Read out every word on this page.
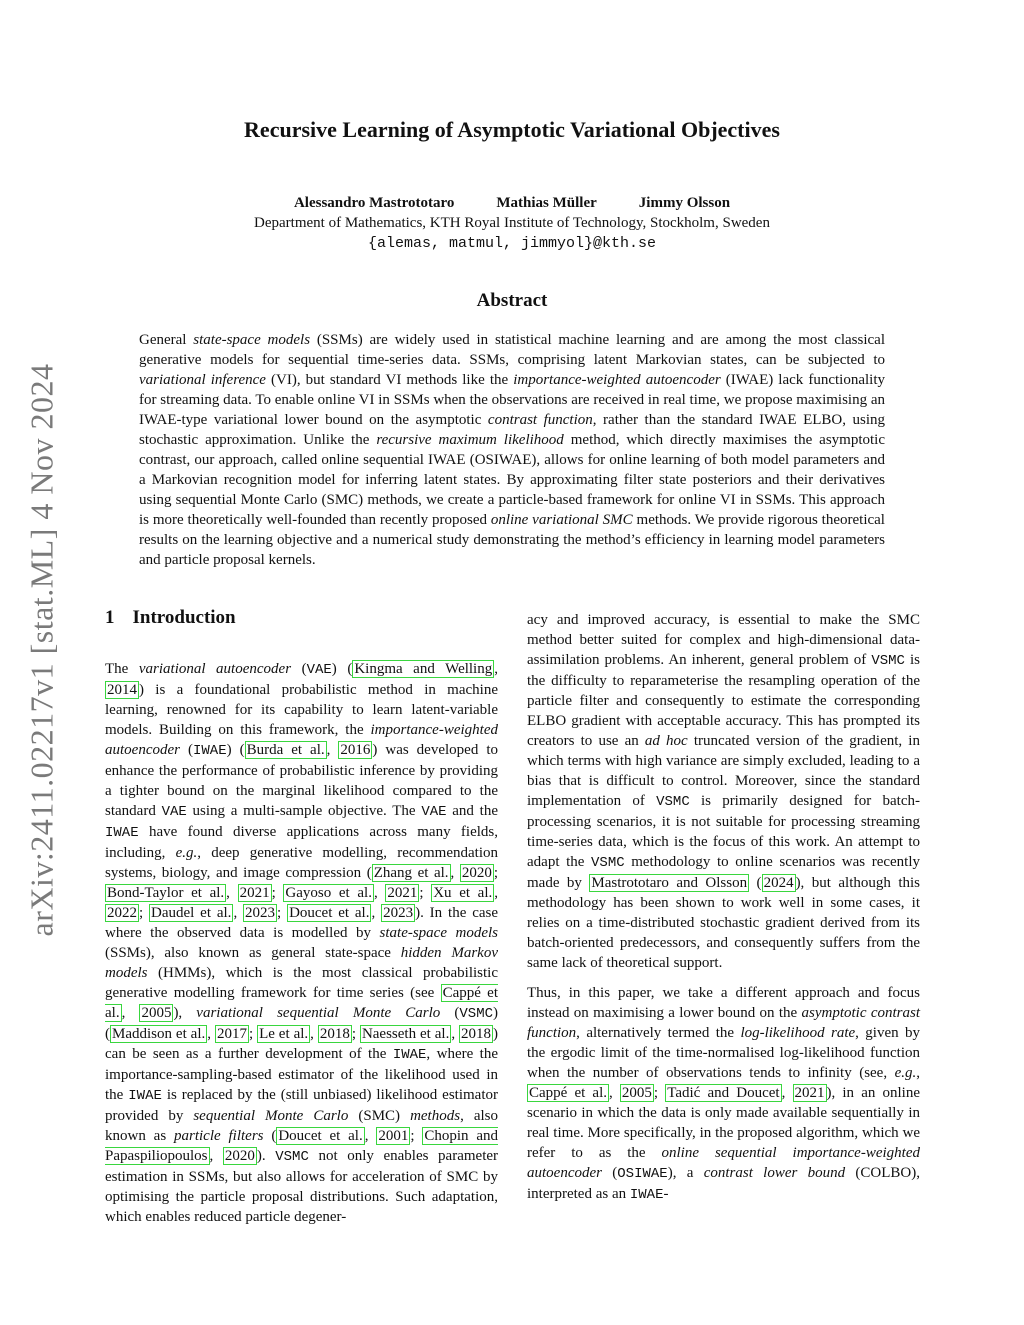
arXiv:2411.02217v1 [stat.ML] 4 Nov 2024
Recursive Learning of Asymptotic Variational Objectives
Alessandro Mastrototaro	Mathias Müller	Jimmy Olsson
Department of Mathematics, KTH Royal Institute of Technology, Stockholm, Sweden
{alemas, matmul, jimmyol}@kth.se
Abstract
General state-space models (SSMs) are widely used in statistical machine learning and are among the most classical generative models for sequential time-series data. SSMs, comprising latent Markovian states, can be subjected to variational inference (VI), but standard VI methods like the importance-weighted autoencoder (IWAE) lack functionality for streaming data. To enable online VI in SSMs when the observations are received in real time, we propose maximising an IWAE-type variational lower bound on the asymptotic contrast function, rather than the standard IWAE ELBO, using stochastic approximation. Unlike the recursive maximum likelihood method, which directly maximises the asymptotic contrast, our approach, called online sequential IWAE (OSIWAE), allows for online learning of both model parameters and a Markovian recognition model for inferring latent states. By approximating filter state posteriors and their derivatives using sequential Monte Carlo (SMC) methods, we create a particle-based framework for online VI in SSMs. This approach is more theoretically well-founded than recently proposed online variational SMC methods. We provide rigorous theoretical results on the learning objective and a numerical study demonstrating the method’s efficiency in learning model parameters and particle proposal kernels.
1 Introduction

The variational autoencoder (VAE) ( Kingma and Welling , 2014 ) is a foundational probabilistic method in machine learning, renowned for its capability to learn latent-variable models. Building on this framework, the importance-weighted autoencoder (IWAE) ( Burda et al. , 2016 ) was developed to enhance the performance of probabilistic inference by providing a tighter bound on the marginal likelihood compared to the standard VAE using a multi-sample objective. The VAE and the IWAE have found diverse applications across many fields, including, e.g., deep generative modelling, recommendation systems, biology, and image compression ( Zhang et al. , 2020 ; Bond-Taylor et al. , 2021 ; Gayoso et al. , 2021 ; Xu et al. , 2022 ; Daudel et al. , 2023 ; Doucet et al. , 2023 ). In the case where the observed data is modelled by state-space models (SSMs), also known as general state-space hidden Markov models (HMMs), which is the most classical probabilistic generative modelling framework for time series (see Cappé et al. , 2005 ), variational sequential Monte Carlo (VSMC) ( Maddison et al. , 2017 ; Le et al. , 2018 ; Naesseth et al. , 2018 ) can be seen as a further development of the IWAE, where the importance-sampling-based estimator of the likelihood used in the IWAE is replaced by the (still unbiased) likelihood estimator provided by sequential Monte Carlo (SMC) methods, also known as particle filters ( Doucet et al. , 2001 ; Chopin and Papaspiliopoulos , 2020 ). VSMC not only enables parameter estimation in SSMs, but also allows for acceleration of SMC by optimising the particle proposal distributions. Such adaptation, which enables reduced particle degener-

acy and improved accuracy, is essential to make the SMC method better suited for complex and high-dimensional data-assimilation problems. An inherent, general problem of VSMC is the difficulty to reparameterise the resampling operation of the particle filter and consequently to estimate the corresponding ELBO gradient with acceptable accuracy. This has prompted its creators to use an ad hoc truncated version of the gradient, in which terms with high variance are simply excluded, leading to a bias that is difficult to control. Moreover, since the standard implementation of VSMC is primarily designed for batch-processing scenarios, it is not suitable for processing streaming time-series data, which is the focus of this work. An attempt to adapt the VSMC methodology to online scenarios was recently made by Mastrototaro and Olsson ( 2024 ), but although this methodology has been shown to work well in some cases, it relies on a time-distributed stochastic gradient derived from its batch-oriented predecessors, and consequently suffers from the same lack of theoretical support.

Thus, in this paper, we take a different approach and focus instead on maximising a lower bound on the asymptotic contrast function, alternatively termed the log-likelihood rate, given by the ergodic limit of the time-normalised log-likelihood function when the number of observations tends to infinity (see, e.g., Cappé et al. , 2005 ; Tadić and Doucet , 2021 ), in an online scenario in which the data is only made available sequentially in real time. More specifically, in the proposed algorithm, which we refer to as the online sequential importance-weighted autoencoder (OSIWAE), a contrast lower bound (COLBO), interpreted as an IWAE-
